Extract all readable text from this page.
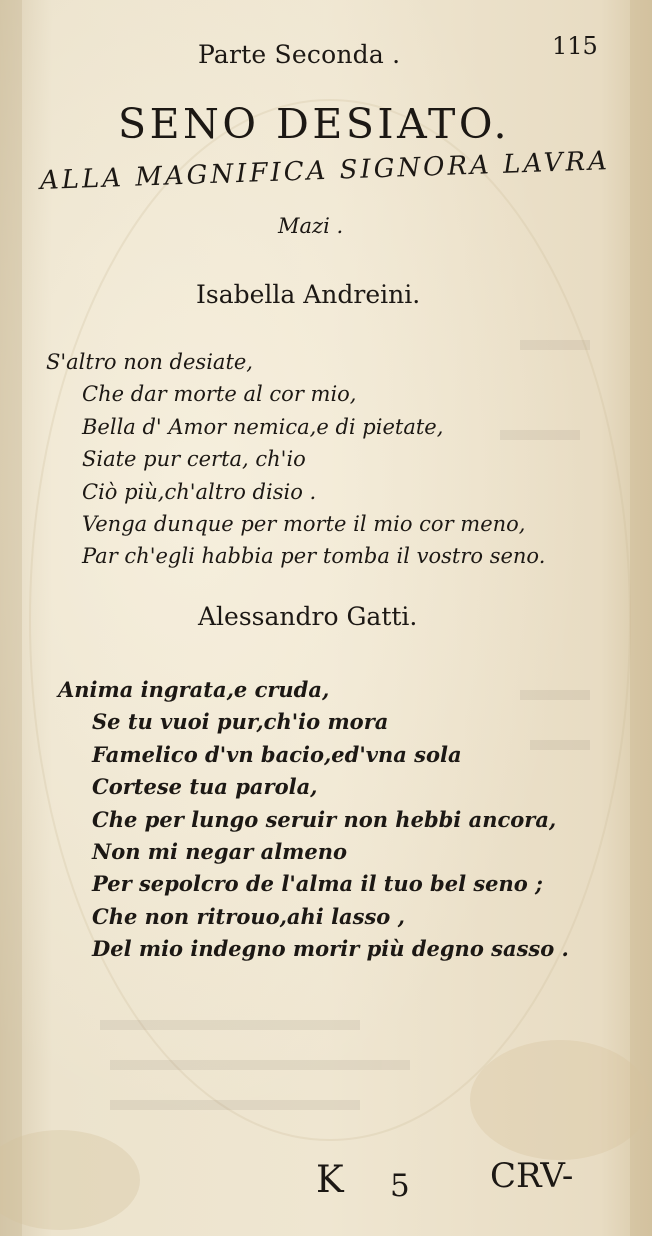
Parte Seconda .	115
SENO DESIATO.
ALLA MAGNIFICA SIGNORA LAVRA
Mazi .
Isabella Andreini.
S'altro non desiate,
Che dar morte al cor mio,
Bella d' Amor nemica,e di pietate,
Siate pur certa, ch'io
Ciò più,ch'altro disio .
Venga dunque per morte il mio cor meno,
Par ch'egli habbia per tomba il vostro seno.
Alessandro Gatti.
Anima ingrata,e cruda,
Se tu vuoi pur,ch'io mora
Famelico d'vn bacio,ed'vna sola
Cortese tua parola,
Che per lungo seruir non hebbi ancora,
Non mi negar almeno
Per sepolcro de l'alma il tuo bel seno ;
Che non ritrouo,ahi lasso ,
Del mio indegno morir più degno sasso .
K 5 CRV-
